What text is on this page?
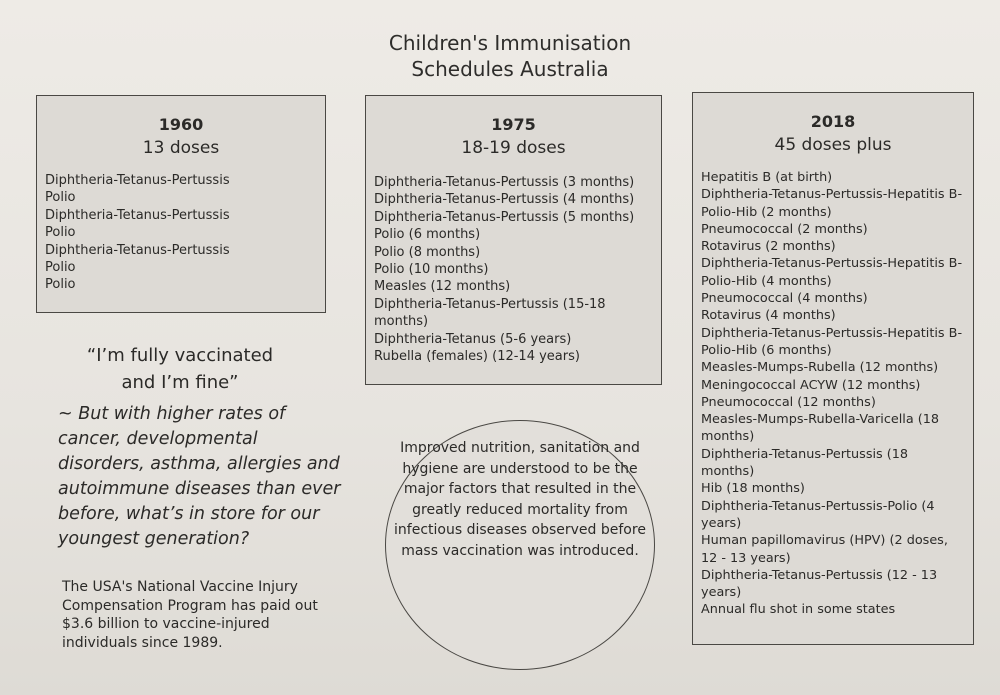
Children's Immunisation
Schedules Australia
1960
13 doses
Diphtheria-Tetanus-Pertussis
Polio
Diphtheria-Tetanus-Pertussis
Polio
Diphtheria-Tetanus-Pertussis
Polio
Polio
1975
18-19 doses
Diphtheria-Tetanus-Pertussis (3 months)
Diphtheria-Tetanus-Pertussis (4 months)
Diphtheria-Tetanus-Pertussis (5 months)
Polio (6 months)
Polio (8 months)
Polio (10 months)
Measles (12 months)
Diphtheria-Tetanus-Pertussis (15-18
months)
Diphtheria-Tetanus (5-6 years)
Rubella (females) (12-14 years)
2018
45 doses plus
Hepatitis B (at birth)
Diphtheria-Tetanus-Pertussis-Hepatitis B-
Polio-Hib (2 months)
Pneumococcal (2 months)
Rotavirus (2 months)
Diphtheria-Tetanus-Pertussis-Hepatitis B-
Polio-Hib (4 months)
Pneumococcal (4 months)
Rotavirus (4 months)
Diphtheria-Tetanus-Pertussis-Hepatitis B-
Polio-Hib (6 months)
Measles-Mumps-Rubella (12 months)
Meningococcal ACYW (12 months)
Pneumococcal (12 months)
Measles-Mumps-Rubella-Varicella (18
months)
Diphtheria-Tetanus-Pertussis (18
months)
Hib (18 months)
Diphtheria-Tetanus-Pertussis-Polio (4
years)
Human papillomavirus (HPV) (2 doses,
12 - 13 years)
Diphtheria-Tetanus-Pertussis (12 - 13
years)
Annual flu shot in some states
“I’m fully vaccinated
and I’m fine”
~ But with higher rates of cancer, developmental disorders, asthma, allergies and autoimmune diseases than ever before, what’s in store for our youngest generation?
The USA's National Vaccine Injury Compensation Program has paid out $3.6 billion to vaccine-injured individuals since 1989.
Improved nutrition, sanitation and hygiene are understood to be the major factors that resulted in the greatly reduced mortality from infectious diseases observed before mass vaccination was introduced.
